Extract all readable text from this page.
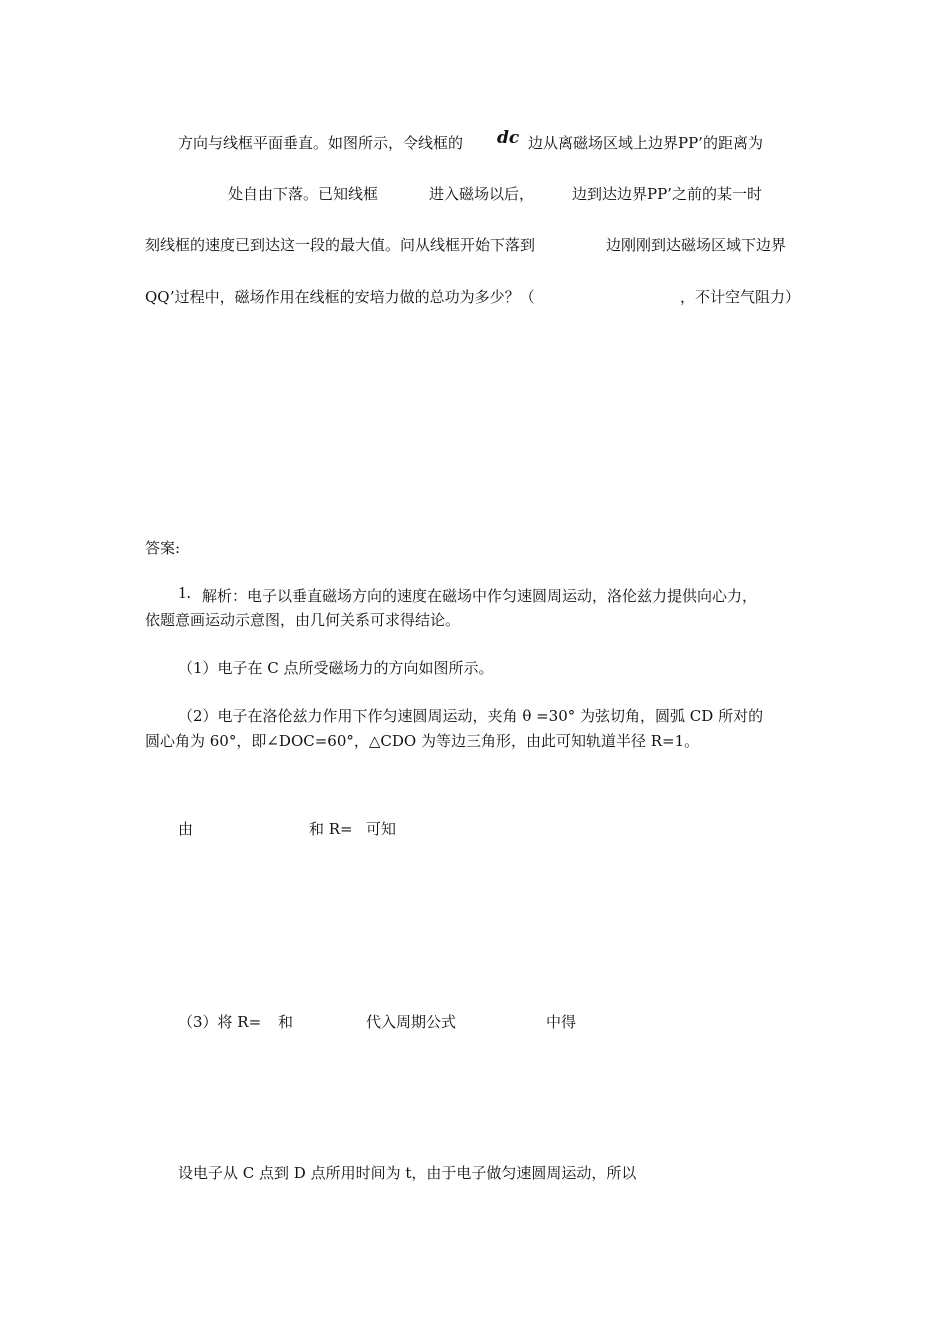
方向与线框平面垂直。如图所示，令线框的 dc 边从离磁场区域上边界PP’的距离为
处自由下落。已知线框	进入磁场以后，	边到达边界PP’之前的某一时
刻线框的速度已到达这一段的最大值。问从线框开始下落到	边刚刚到达磁场区域下边界
QQ’过程中，磁场作用在线框的安培力做的总功为多少？（	，不计空气阻力）
答案:
1. 解析：电子以垂直磁场方向的速度在磁场中作匀速圆周运动，洛伦兹力提供向心力，
依题意画运动示意图，由几何关系可求得结论。
（1）电子在 C 点所受磁场力的方向如图所示。
（2）电子在洛伦兹力作用下作匀速圆周运动，夹角 θ =30° 为弦切角，圆弧 CD 所对的
圆心角为 60°，即∠DOC=60°，△CDO 为等边三角形，由此可知轨道半径 R=1。
由	和 R= 可知
（3）将 R= 和	代入周期公式	中得
设电子从 C 点到 D 点所用时间为 t，由于电子做匀速圆周运动，所以
